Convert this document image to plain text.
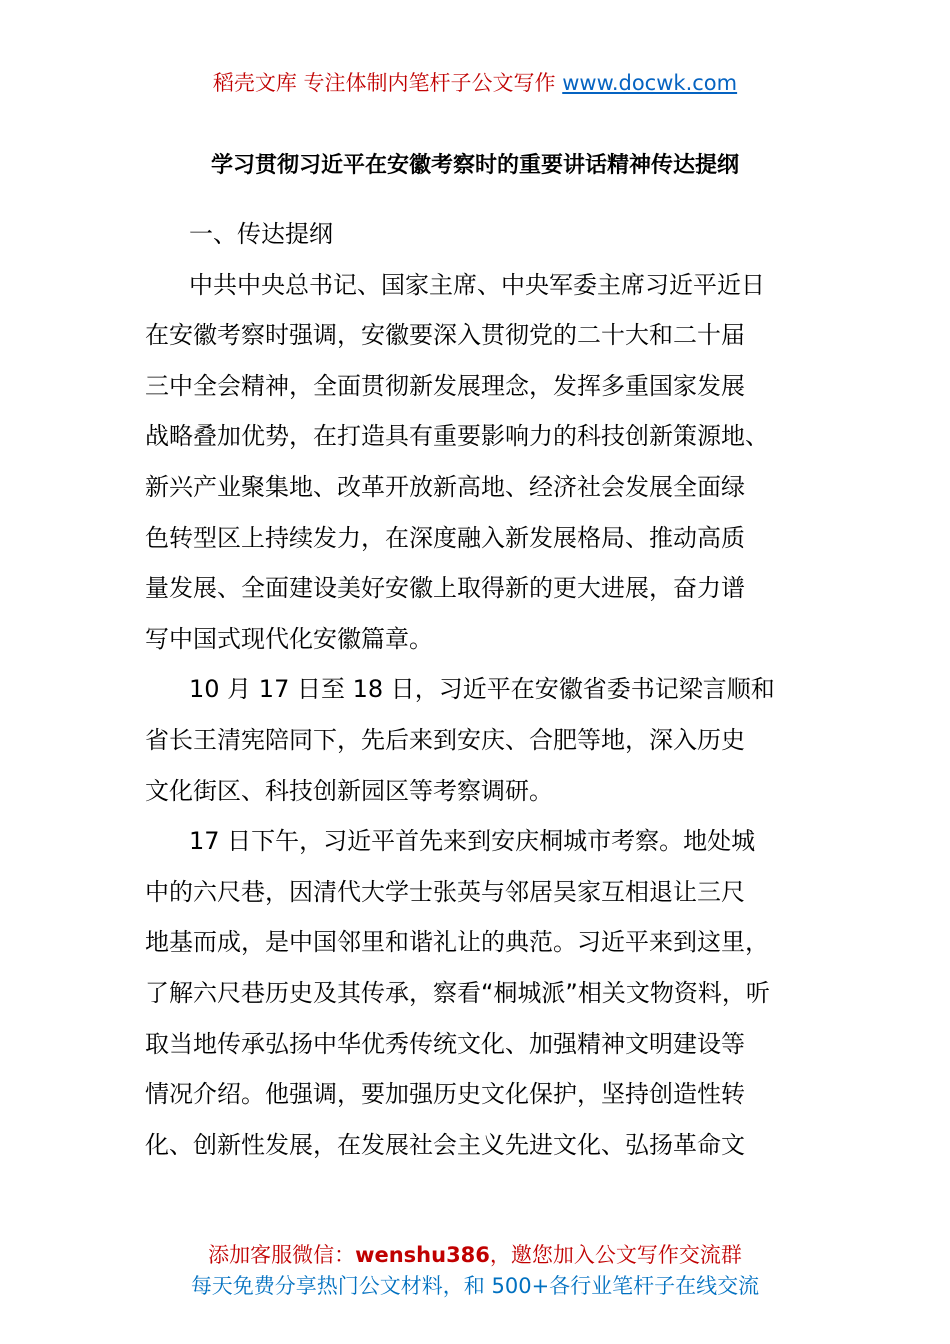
稻壳文库 专注体制内笔杆子公文写作 www.docwk.com
学习贯彻习近平在安徽考察时的重要讲话精神传达提纲
一、传达提纲
中共中央总书记、国家主席、中央军委主席习近平近日
在安徽考察时强调，安徽要深入贯彻党的二十大和二十届
三中全会精神，全面贯彻新发展理念，发挥多重国家发展
战略叠加优势，在打造具有重要影响力的科技创新策源地、
新兴产业聚集地、改革开放新高地、经济社会发展全面绿
色转型区上持续发力，在深度融入新发展格局、推动高质
量发展、全面建设美好安徽上取得新的更大进展，奋力谱
写中国式现代化安徽篇章。
10 月 17 日至 18 日，习近平在安徽省委书记梁言顺和
省长王清宪陪同下，先后来到安庆、合肥等地，深入历史
文化街区、科技创新园区等考察调研。
17 日下午，习近平首先来到安庆桐城市考察。地处城
中的六尺巷，因清代大学士张英与邻居吴家互相退让三尺
地基而成，是中国邻里和谐礼让的典范。习近平来到这里，
了解六尺巷历史及其传承，察看“桐城派”相关文物资料，听
取当地传承弘扬中华优秀传统文化、加强精神文明建设等
情况介绍。他强调，要加强历史文化保护，坚持创造性转
化、创新性发展，在发展社会主义先进文化、弘扬革命文
添加客服微信：wenshu386，邀您加入公文写作交流群
每天免费分享热门公文材料，和 500+各行业笔杆子在线交流
